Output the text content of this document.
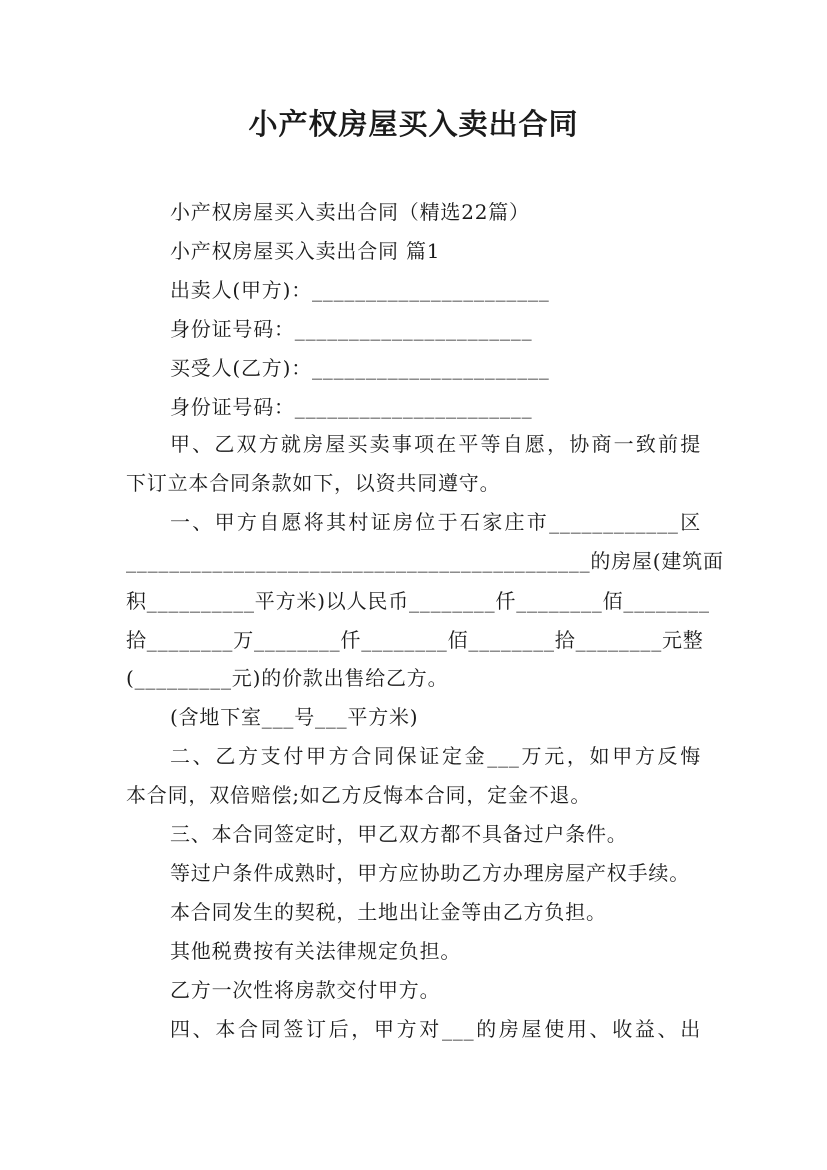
小产权房屋买入卖出合同
小产权房屋买入卖出合同（精选22篇）
小产权房屋买入卖出合同 篇1
出卖人(甲方)：______________________
身份证号码：______________________
买受人(乙方)：______________________
身份证号码：______________________
甲、乙双方就房屋买卖事项在平等自愿，协商一致前提
下订立本合同条款如下，以资共同遵守。
一、甲方自愿将其村证房位于石家庄市____________区
___________________________________________的房屋(建筑面
积__________平方米)以人民币________仟________佰________
拾________万________仟________佰________拾________元整
(_________元)的价款出售给乙方。
(含地下室___号___平方米)
二、乙方支付甲方合同保证定金___万元，如甲方反悔
本合同，双倍赔偿;如乙方反悔本合同，定金不退。
三、本合同签定时，甲乙双方都不具备过户条件。
等过户条件成熟时，甲方应协助乙方办理房屋产权手续。
本合同发生的契税，土地出让金等由乙方负担。
其他税费按有关法律规定负担。
乙方一次性将房款交付甲方。
四、本合同签订后，甲方对___的房屋使用、收益、出
